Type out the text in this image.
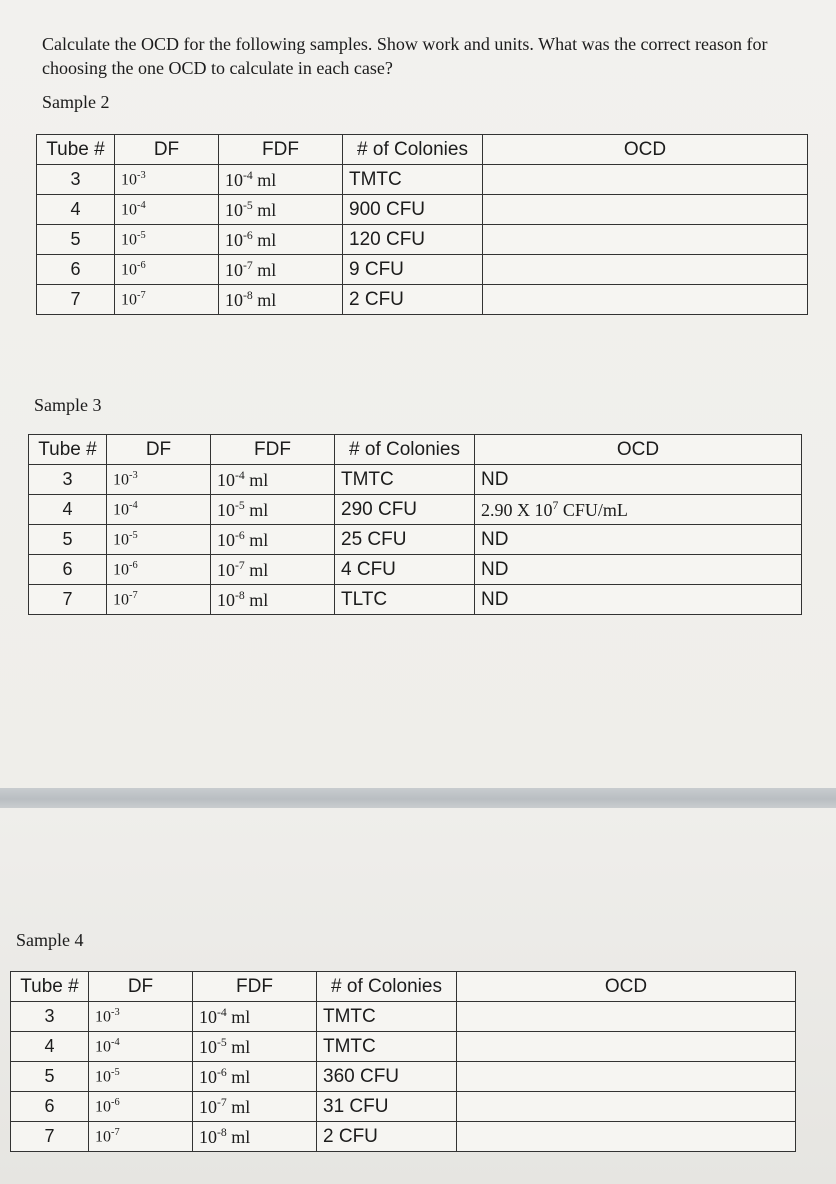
Calculate the OCD for the following samples. Show work and units. What was the correct reason for choosing the one OCD to calculate in each case?
Sample 2
Tube #	DF	FDF	# of Colonies	OCD
3	$10^{-3}$	$10^{-4}$ ml	TMTC	
4	$10^{-4}$	$10^{-5}$ ml	900 CFU	
5	$10^{-5}$	$10^{-6}$ ml	120 CFU	
6	$10^{-6}$	$10^{-7}$ ml	9 CFU	
7	$10^{-7}$	$10^{-8}$ ml	2 CFU	
Sample 3
Tube #	DF	FDF	# of Colonies	OCD
3	$10^{-3}$	$10^{-4}$ ml	TMTC	ND
4	$10^{-4}$	$10^{-5}$ ml	290 CFU	2.90 X $10^7$ CFU/mL
5	$10^{-5}$	$10^{-6}$ ml	25 CFU	ND
6	$10^{-6}$	$10^{-7}$ ml	4 CFU	ND
7	$10^{-7}$	$10^{-8}$ ml	TLTC	ND
Sample 4
Tube #	DF	FDF	# of Colonies	OCD
3	$10^{-3}$	$10^{-4}$ ml	TMTC	
4	$10^{-4}$	$10^{-5}$ ml	TMTC	
5	$10^{-5}$	$10^{-6}$ ml	360 CFU	
6	$10^{-6}$	$10^{-7}$ ml	31 CFU	
7	$10^{-7}$	$10^{-8}$ ml	2 CFU	
